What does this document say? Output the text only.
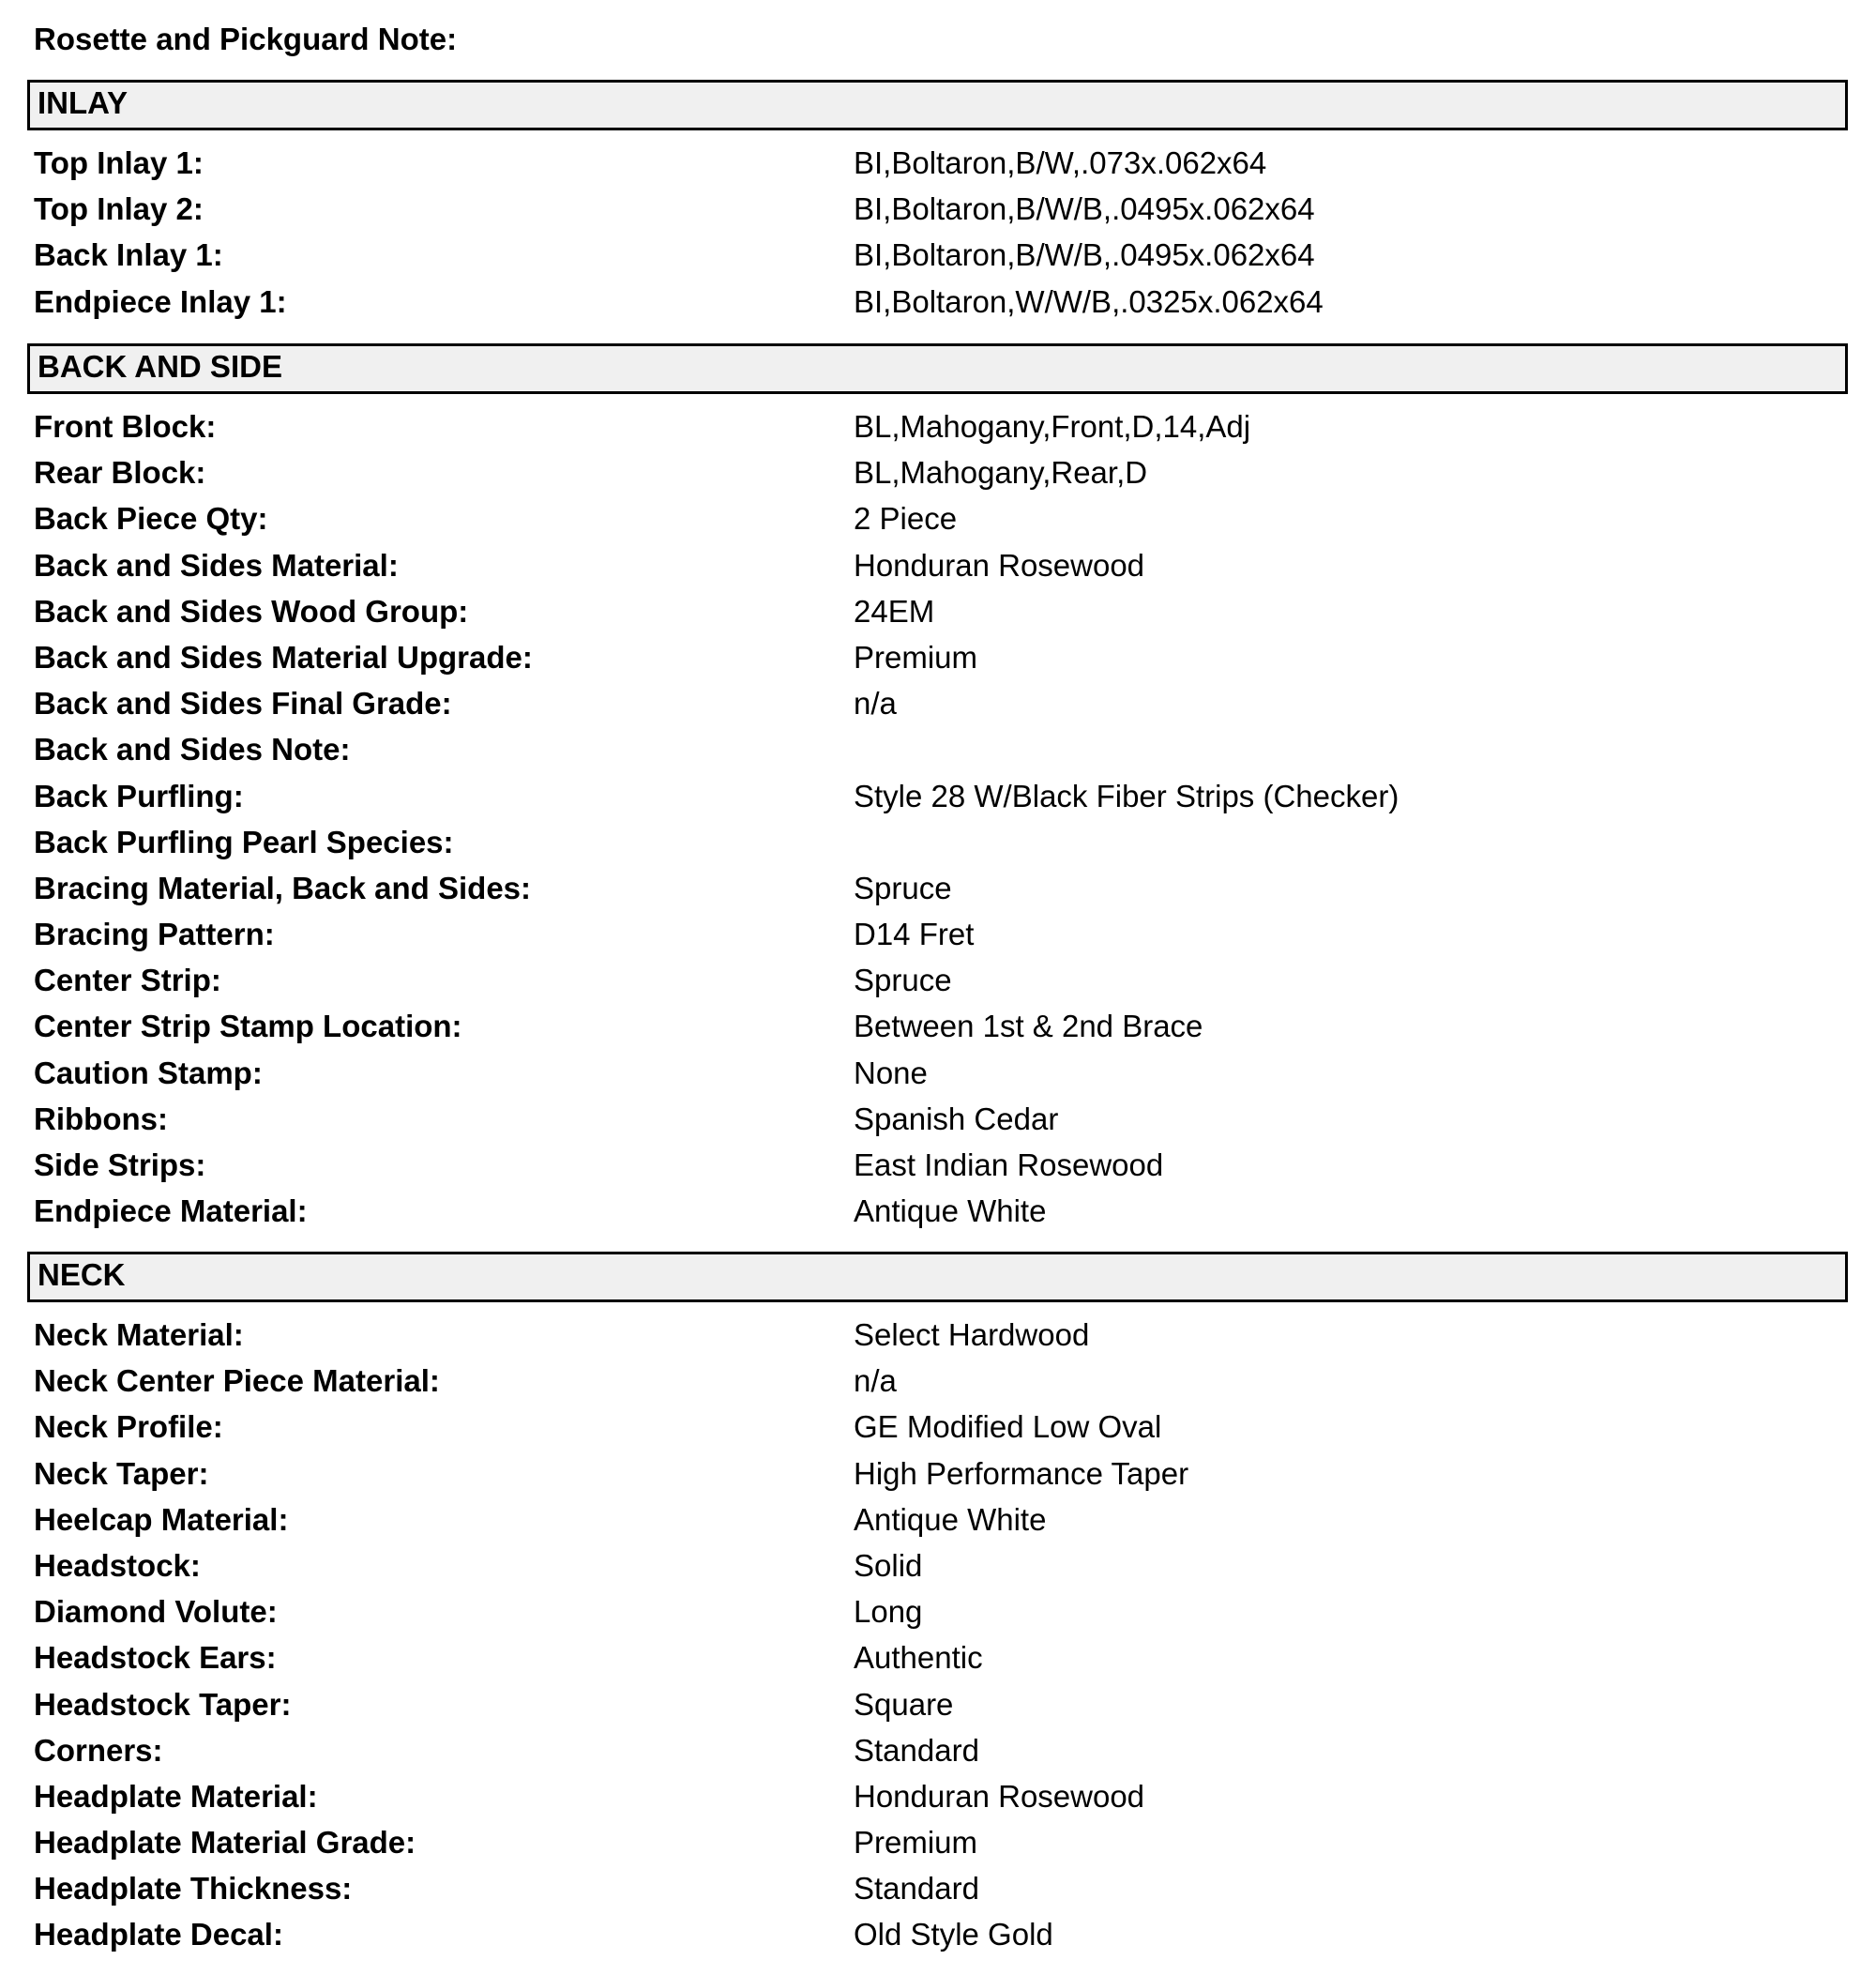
Rosette and Pickguard Note:
INLAY
Top Inlay 1:	BI,Boltaron,B/W,.073x.062x64
Top Inlay 2:	BI,Boltaron,B/W/B,.0495x.062x64
Back Inlay 1:	BI,Boltaron,B/W/B,.0495x.062x64
Endpiece Inlay 1:	BI,Boltaron,W/W/B,.0325x.062x64
BACK AND SIDE
Front Block:	BL,Mahogany,Front,D,14,Adj
Rear Block:	BL,Mahogany,Rear,D
Back Piece Qty:	2 Piece
Back and Sides Material:	Honduran Rosewood
Back and Sides Wood Group:	24EM
Back and Sides Material Upgrade:	Premium
Back and Sides Final Grade:	n/a
Back and Sides Note:
Back Purfling:	Style 28 W/Black Fiber Strips (Checker)
Back Purfling Pearl Species:
Bracing Material, Back and Sides:	Spruce
Bracing Pattern:	D14 Fret
Center Strip:	Spruce
Center Strip Stamp Location:	Between 1st & 2nd Brace
Caution Stamp:	None
Ribbons:	Spanish Cedar
Side Strips:	East Indian Rosewood
Endpiece Material:	Antique White
NECK
Neck Material:	Select Hardwood
Neck Center Piece Material:	n/a
Neck Profile:	GE Modified Low Oval
Neck Taper:	High Performance Taper
Heelcap Material:	Antique White
Headstock:	Solid
Diamond Volute:	Long
Headstock Ears:	Authentic
Headstock Taper:	Square
Corners:	Standard
Headplate Material:	Honduran Rosewood
Headplate Material Grade:	Premium
Headplate Thickness:	Standard
Headplate Decal:	Old Style Gold
